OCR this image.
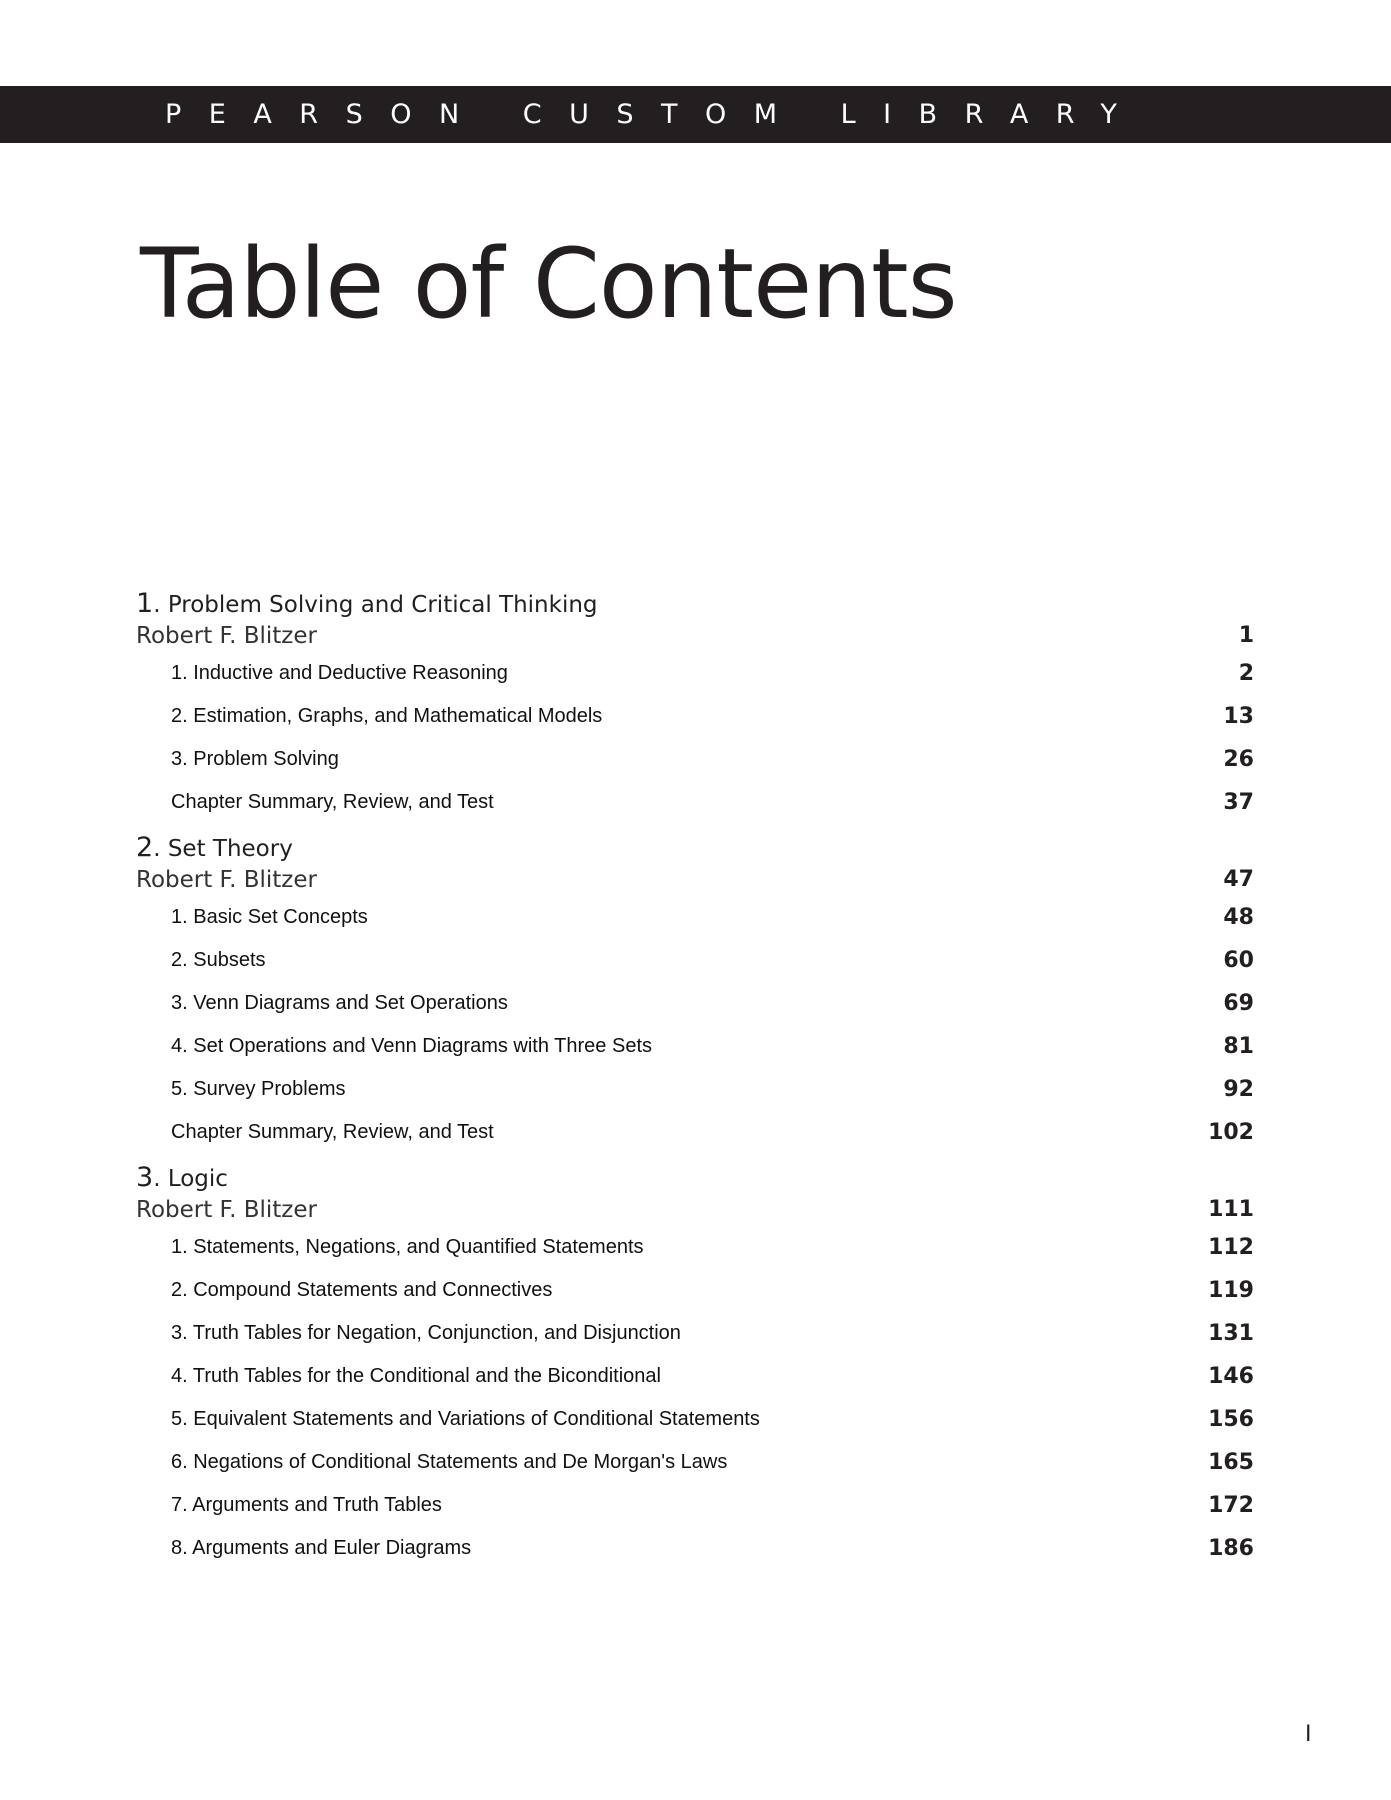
PEARSON CUSTOM LIBRARY
Table of Contents
1. Problem Solving and Critical Thinking
Robert F. Blitzer	1
1. Inductive and Deductive Reasoning	2
2. Estimation, Graphs, and Mathematical Models	13
3. Problem Solving	26
Chapter Summary, Review, and Test	37
2. Set Theory
Robert F. Blitzer	47
1. Basic Set Concepts	48
2. Subsets	60
3. Venn Diagrams and Set Operations	69
4. Set Operations and Venn Diagrams with Three Sets	81
5. Survey Problems	92
Chapter Summary, Review, and Test	102
3. Logic
Robert F. Blitzer	111
1. Statements, Negations, and Quantified Statements	112
2. Compound Statements and Connectives	119
3. Truth Tables for Negation, Conjunction, and Disjunction	131
4. Truth Tables for the Conditional and the Biconditional	146
5. Equivalent Statements and Variations of Conditional Statements	156
6. Negations of Conditional Statements and De Morgan's Laws	165
7. Arguments and Truth Tables	172
8. Arguments and Euler Diagrams	186
I
